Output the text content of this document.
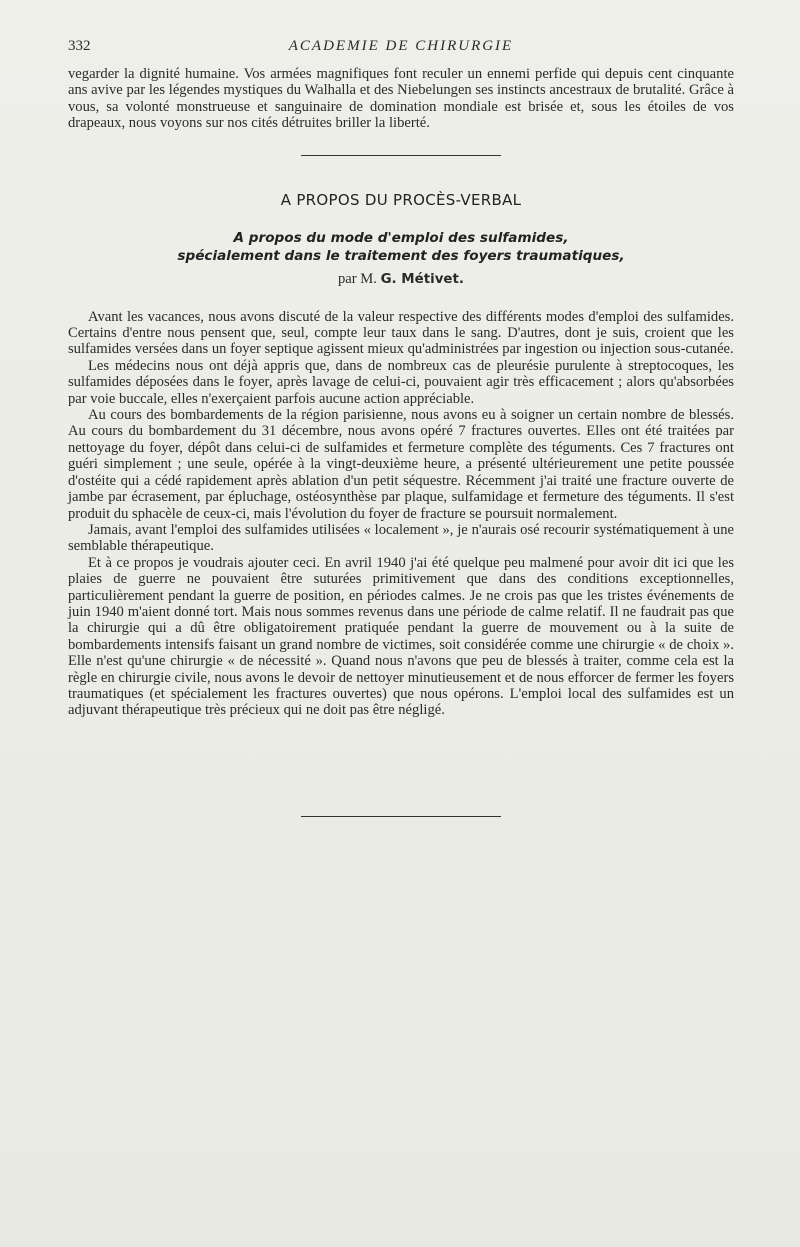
332	ACADEMIE DE CHIRURGIE

vegarder la dignité humaine. Vos armées magnifiques font reculer un ennemi perfide qui depuis cent cinquante ans avive par les légendes mystiques du Walhalla et des Niebelungen ses instincts ancestraux de brutalité. Grâce à vous, sa volonté monstrueuse et sanguinaire de domination mondiale est brisée et, sous les étoiles de vos drapeaux, nous voyons sur nos cités détruites briller la liberté.

A PROPOS DU PROCÈS-VERBAL
A propos du mode d'emploi des sulfamides,
spécialement dans le traitement des foyers traumatiques,
par M. G. Métivet.

Avant les vacances, nous avons discuté de la valeur respective des différents modes d'emploi des sulfamides. Certains d'entre nous pensent que, seul, compte leur taux dans le sang. D'autres, dont je suis, croient que les sulfamides versées dans un foyer septique agissent mieux qu'administrées par ingestion ou injection sous-cutanée.

Les médecins nous ont déjà appris que, dans de nombreux cas de pleurésie purulente à streptocoques, les sulfamides déposées dans le foyer, après lavage de celui-ci, pouvaient agir très efficacement ; alors qu'absorbées par voie buccale, elles n'exerçaient parfois aucune action appréciable.

Au cours des bombardements de la région parisienne, nous avons eu à soigner un certain nombre de blessés. Au cours du bombardement du 31 décembre, nous avons opéré 7 fractures ouvertes. Elles ont été traitées par nettoyage du foyer, dépôt dans celui-ci de sulfamides et fermeture complète des téguments. Ces 7 fractures ont guéri simplement ; une seule, opérée à la vingt-deuxième heure, a présenté ultérieurement une petite poussée d'ostéite qui a cédé rapidement après ablation d'un petit séquestre. Récemment j'ai traité une fracture ouverte de jambe par écrasement, par épluchage, ostéosynthèse par plaque, sulfamidage et fermeture des téguments. Il s'est produit du sphacèle de ceux-ci, mais l'évolution du foyer de fracture se poursuit normalement.

Jamais, avant l'emploi des sulfamides utilisées « localement », je n'aurais osé recourir systématiquement à une semblable thérapeutique.

Et à ce propos je voudrais ajouter ceci. En avril 1940 j'ai été quelque peu malmené pour avoir dit ici que les plaies de guerre ne pouvaient être suturées primitivement que dans des conditions exceptionnelles, particulièrement pendant la guerre de position, en périodes calmes. Je ne crois pas que les tristes événements de juin 1940 m'aient donné tort. Mais nous sommes revenus dans une période de calme relatif. Il ne faudrait pas que la chirurgie qui a dû être obligatoirement pratiquée pendant la guerre de mouvement ou à la suite de bombardements intensifs faisant un grand nombre de victimes, soit considérée comme une chirurgie « de choix ». Elle n'est qu'une chirurgie « de nécessité ». Quand nous n'avons que peu de blessés à traiter, comme cela est la règle en chirurgie civile, nous avons le devoir de nettoyer minutieusement et de nous efforcer de fermer les foyers traumatiques (et spécialement les fractures ouvertes) que nous opérons. L'emploi local des sulfamides est un adjuvant thérapeutique très précieux qui ne doit pas être négligé.
